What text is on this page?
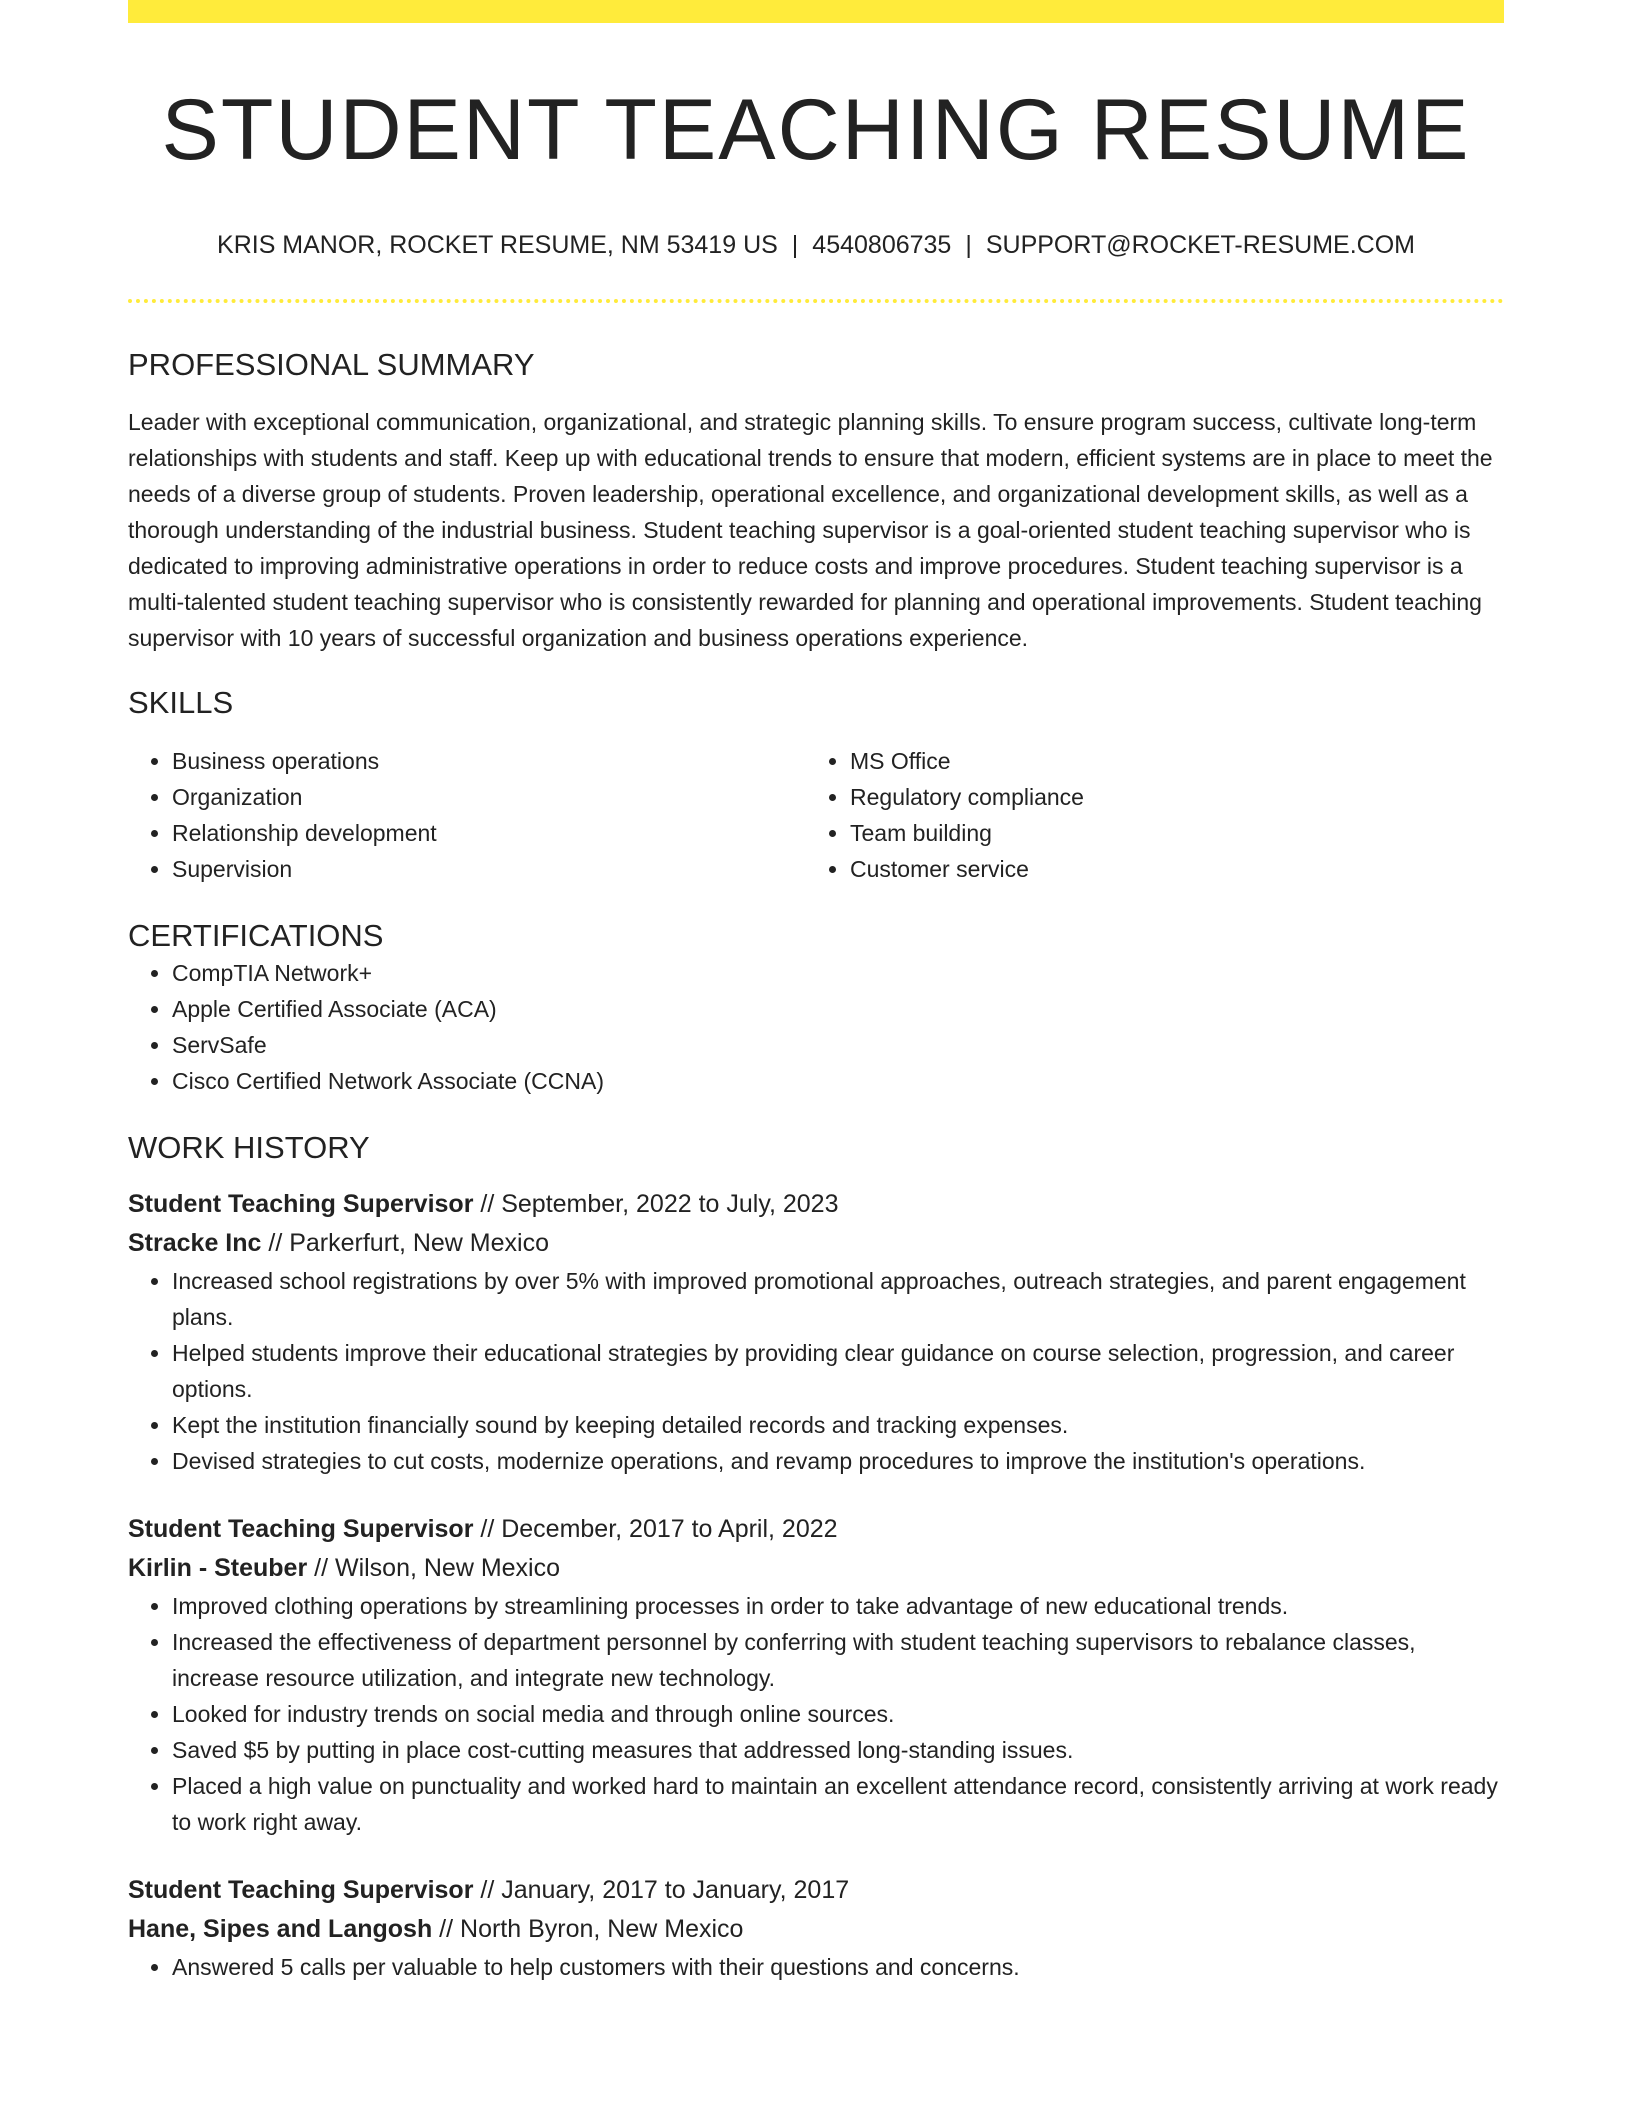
STUDENT TEACHING RESUME
KRIS MANOR, ROCKET RESUME, NM 53419 US | 4540806735 | SUPPORT@ROCKET-RESUME.COM
PROFESSIONAL SUMMARY

Leader with exceptional communication, organizational, and strategic planning skills. To ensure program success, cultivate long-term relationships with students and staff. Keep up with educational trends to ensure that modern, efficient systems are in place to meet the needs of a diverse group of students. Proven leadership, operational excellence, and organizational development skills, as well as a thorough understanding of the industrial business. Student teaching supervisor is a goal-oriented student teaching supervisor who is dedicated to improving administrative operations in order to reduce costs and improve procedures. Student teaching supervisor is a multi-talented student teaching supervisor who is consistently rewarded for planning and operational improvements. Student teaching supervisor with 10 years of successful organization and business operations experience.

SKILLS
• Business operations
• Organization
• Relationship development
• Supervision
• MS Office
• Regulatory compliance
• Team building
• Customer service
CERTIFICATIONS
• CompTIA Network+
• Apple Certified Associate (ACA)
• ServSafe
• Cisco Certified Network Associate (CCNA)
WORK HISTORY
Student Teaching Supervisor // September, 2022 to July, 2023
Stracke Inc // Parkerfurt, New Mexico
• Increased school registrations by over 5% with improved promotional approaches, outreach strategies, and parent engagement plans.
• Helped students improve their educational strategies by providing clear guidance on course selection, progression, and career options.
• Kept the institution financially sound by keeping detailed records and tracking expenses.
• Devised strategies to cut costs, modernize operations, and revamp procedures to improve the institution's operations.
Student Teaching Supervisor // December, 2017 to April, 2022
Kirlin - Steuber // Wilson, New Mexico
• Improved clothing operations by streamlining processes in order to take advantage of new educational trends.
• Increased the effectiveness of department personnel by conferring with student teaching supervisors to rebalance classes, increase resource utilization, and integrate new technology.
• Looked for industry trends on social media and through online sources.
• Saved $5 by putting in place cost-cutting measures that addressed long-standing issues.
• Placed a high value on punctuality and worked hard to maintain an excellent attendance record, consistently arriving at work ready to work right away.
Student Teaching Supervisor // January, 2017 to January, 2017
Hane, Sipes and Langosh // North Byron, New Mexico
• Answered 5 calls per valuable to help customers with their questions and concerns.
